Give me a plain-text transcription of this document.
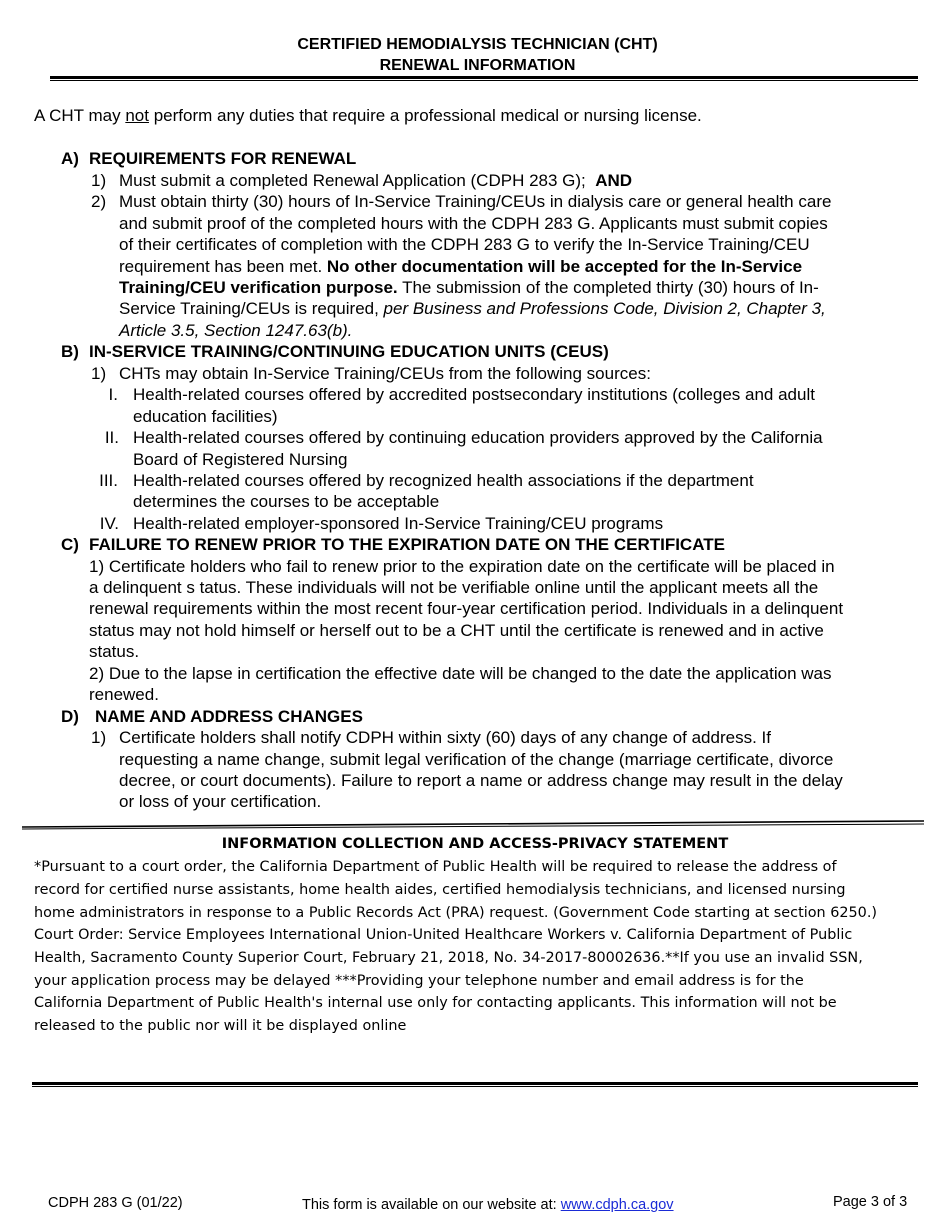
CERTIFIED HEMODIALYSIS TECHNICIAN (CHT)
RENEWAL INFORMATION
A CHT may not perform any duties that require a professional medical or nursing license.
A) REQUIREMENTS FOR RENEWAL
1) Must submit a completed Renewal Application (CDPH 283 G); AND
2) Must obtain thirty (30) hours of In-Service Training/CEUs in dialysis care or general health care
and submit proof of the completed hours with the CDPH 283 G. Applicants must submit copies
of their certificates of completion with the CDPH 283 G to verify the In-Service Training/CEU
requirement has been met. No other documentation will be accepted for the In-Service
Training/CEU verification purpose. The submission of the completed thirty (30) hours of In-
Service Training/CEUs is required, per Business and Professions Code, Division 2, Chapter 3,
Article 3.5, Section 1247.63(b).
B) IN-SERVICE TRAINING/CONTINUING EDUCATION UNITS (CEUS)
1) CHTs may obtain In-Service Training/CEUs from the following sources:
I. Health-related courses offered by accredited postsecondary institutions (colleges and adult
education facilities)
II. Health-related courses offered by continuing education providers approved by the California
Board of Registered Nursing
III. Health-related courses offered by recognized health associations if the department
determines the courses to be acceptable
IV. Health-related employer-sponsored In-Service Training/CEU programs
C) FAILURE TO RENEW PRIOR TO THE EXPIRATION DATE ON THE CERTIFICATE
1) Certificate holders who fail to renew prior to the expiration date on the certificate will be placed in
a delinquent s tatus. These individuals will not be verifiable online until the applicant meets all the
renewal requirements within the most recent four-year certification period. Individuals in a delinquent
status may not hold himself or herself out to be a CHT until the certificate is renewed and in active
status.
2) Due to the lapse in certification the effective date will be changed to the date the application was
renewed.
D) NAME AND ADDRESS CHANGES
1) Certificate holders shall notify CDPH within sixty (60) days of any change of address. If
requesting a name change, submit legal verification of the change (marriage certificate, divorce
decree, or court documents). Failure to report a name or address change may result in the delay
or loss of your certification.
INFORMATION COLLECTION AND ACCESS-PRIVACY STATEMENT
*Pursuant to a court order, the California Department of Public Health will be required to release the address of
record for certified nurse assistants, home health aides, certified hemodialysis technicians, and licensed nursing
home administrators in response to a Public Records Act (PRA) request. (Government Code starting at section 6250.)
Court Order: Service Employees International Union-United Healthcare Workers v. California Department of Public
Health, Sacramento County Superior Court, February 21, 2018, No. 34-2017-80002636.**If you use an invalid SSN,
your application process may be delayed ***Providing your telephone number and email address is for the
California Department of Public Health's internal use only for contacting applicants. This information will not be
released to the public nor will it be displayed online
CDPH 283 G (01/22)	This form is available on our website at: www.cdph.ca.gov	Page 3 of 3
